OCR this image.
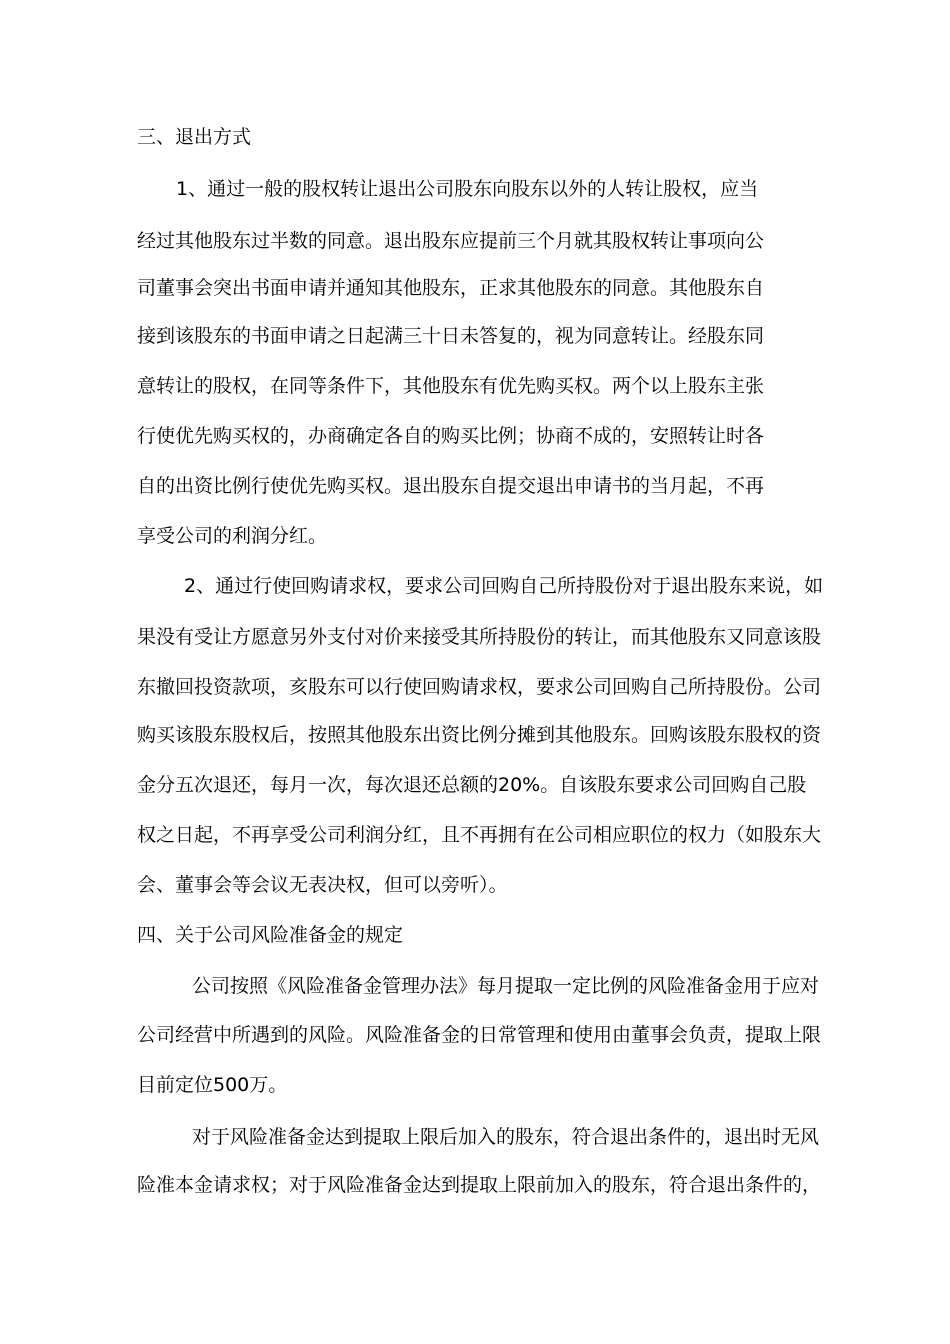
三、退出方式
1、通过一般的股权转让退出公司股东向股东以外的人转让股权，应当
经过其他股东过半数的同意。退出股东应提前三个月就其股权转让事项向公
司董事会突出书面申请并通知其他股东，正求其他股东的同意。其他股东自
接到该股东的书面申请之日起满三十日未答复的，视为同意转让。经股东同
意转让的股权，在同等条件下，其他股东有优先购买权。两个以上股东主张
行使优先购买权的，办商确定各自的购买比例；协商不成的，安照转让时各
自的出资比例行使优先购买权。退出股东自提交退出申请书的当月起，不再
享受公司的利润分红。
2、通过行使回购请求权，要求公司回购自己所持股份对于退出股东来说，如
果没有受让方愿意另外支付对价来接受其所持股份的转让，而其他股东又同意该股
东撤回投资款项，亥股东可以行使回购请求权，要求公司回购自己所持股份。公司
购买该股东股权后，按照其他股东出资比例分摊到其他股东。回购该股东股权的资
金分五次退还，每月一次，每次退还总额的20%。自该股东要求公司回购自己股
权之日起，不再享受公司利润分红，且不再拥有在公司相应职位的权力（如股东大
会、董事会等会议无表决权，但可以旁听）。
四、关于公司风险准备金的规定
公司按照《风险准备金管理办法》每月提取一定比例的风险准备金用于应对
公司经营中所遇到的风险。风险准备金的日常管理和使用由董事会负责，提取上限
目前定位500万。
对于风险准备金达到提取上限后加入的股东，符合退出条件的，退出时无风
险准本金请求权；对于风险准备金达到提取上限前加入的股东，符合退出条件的，
